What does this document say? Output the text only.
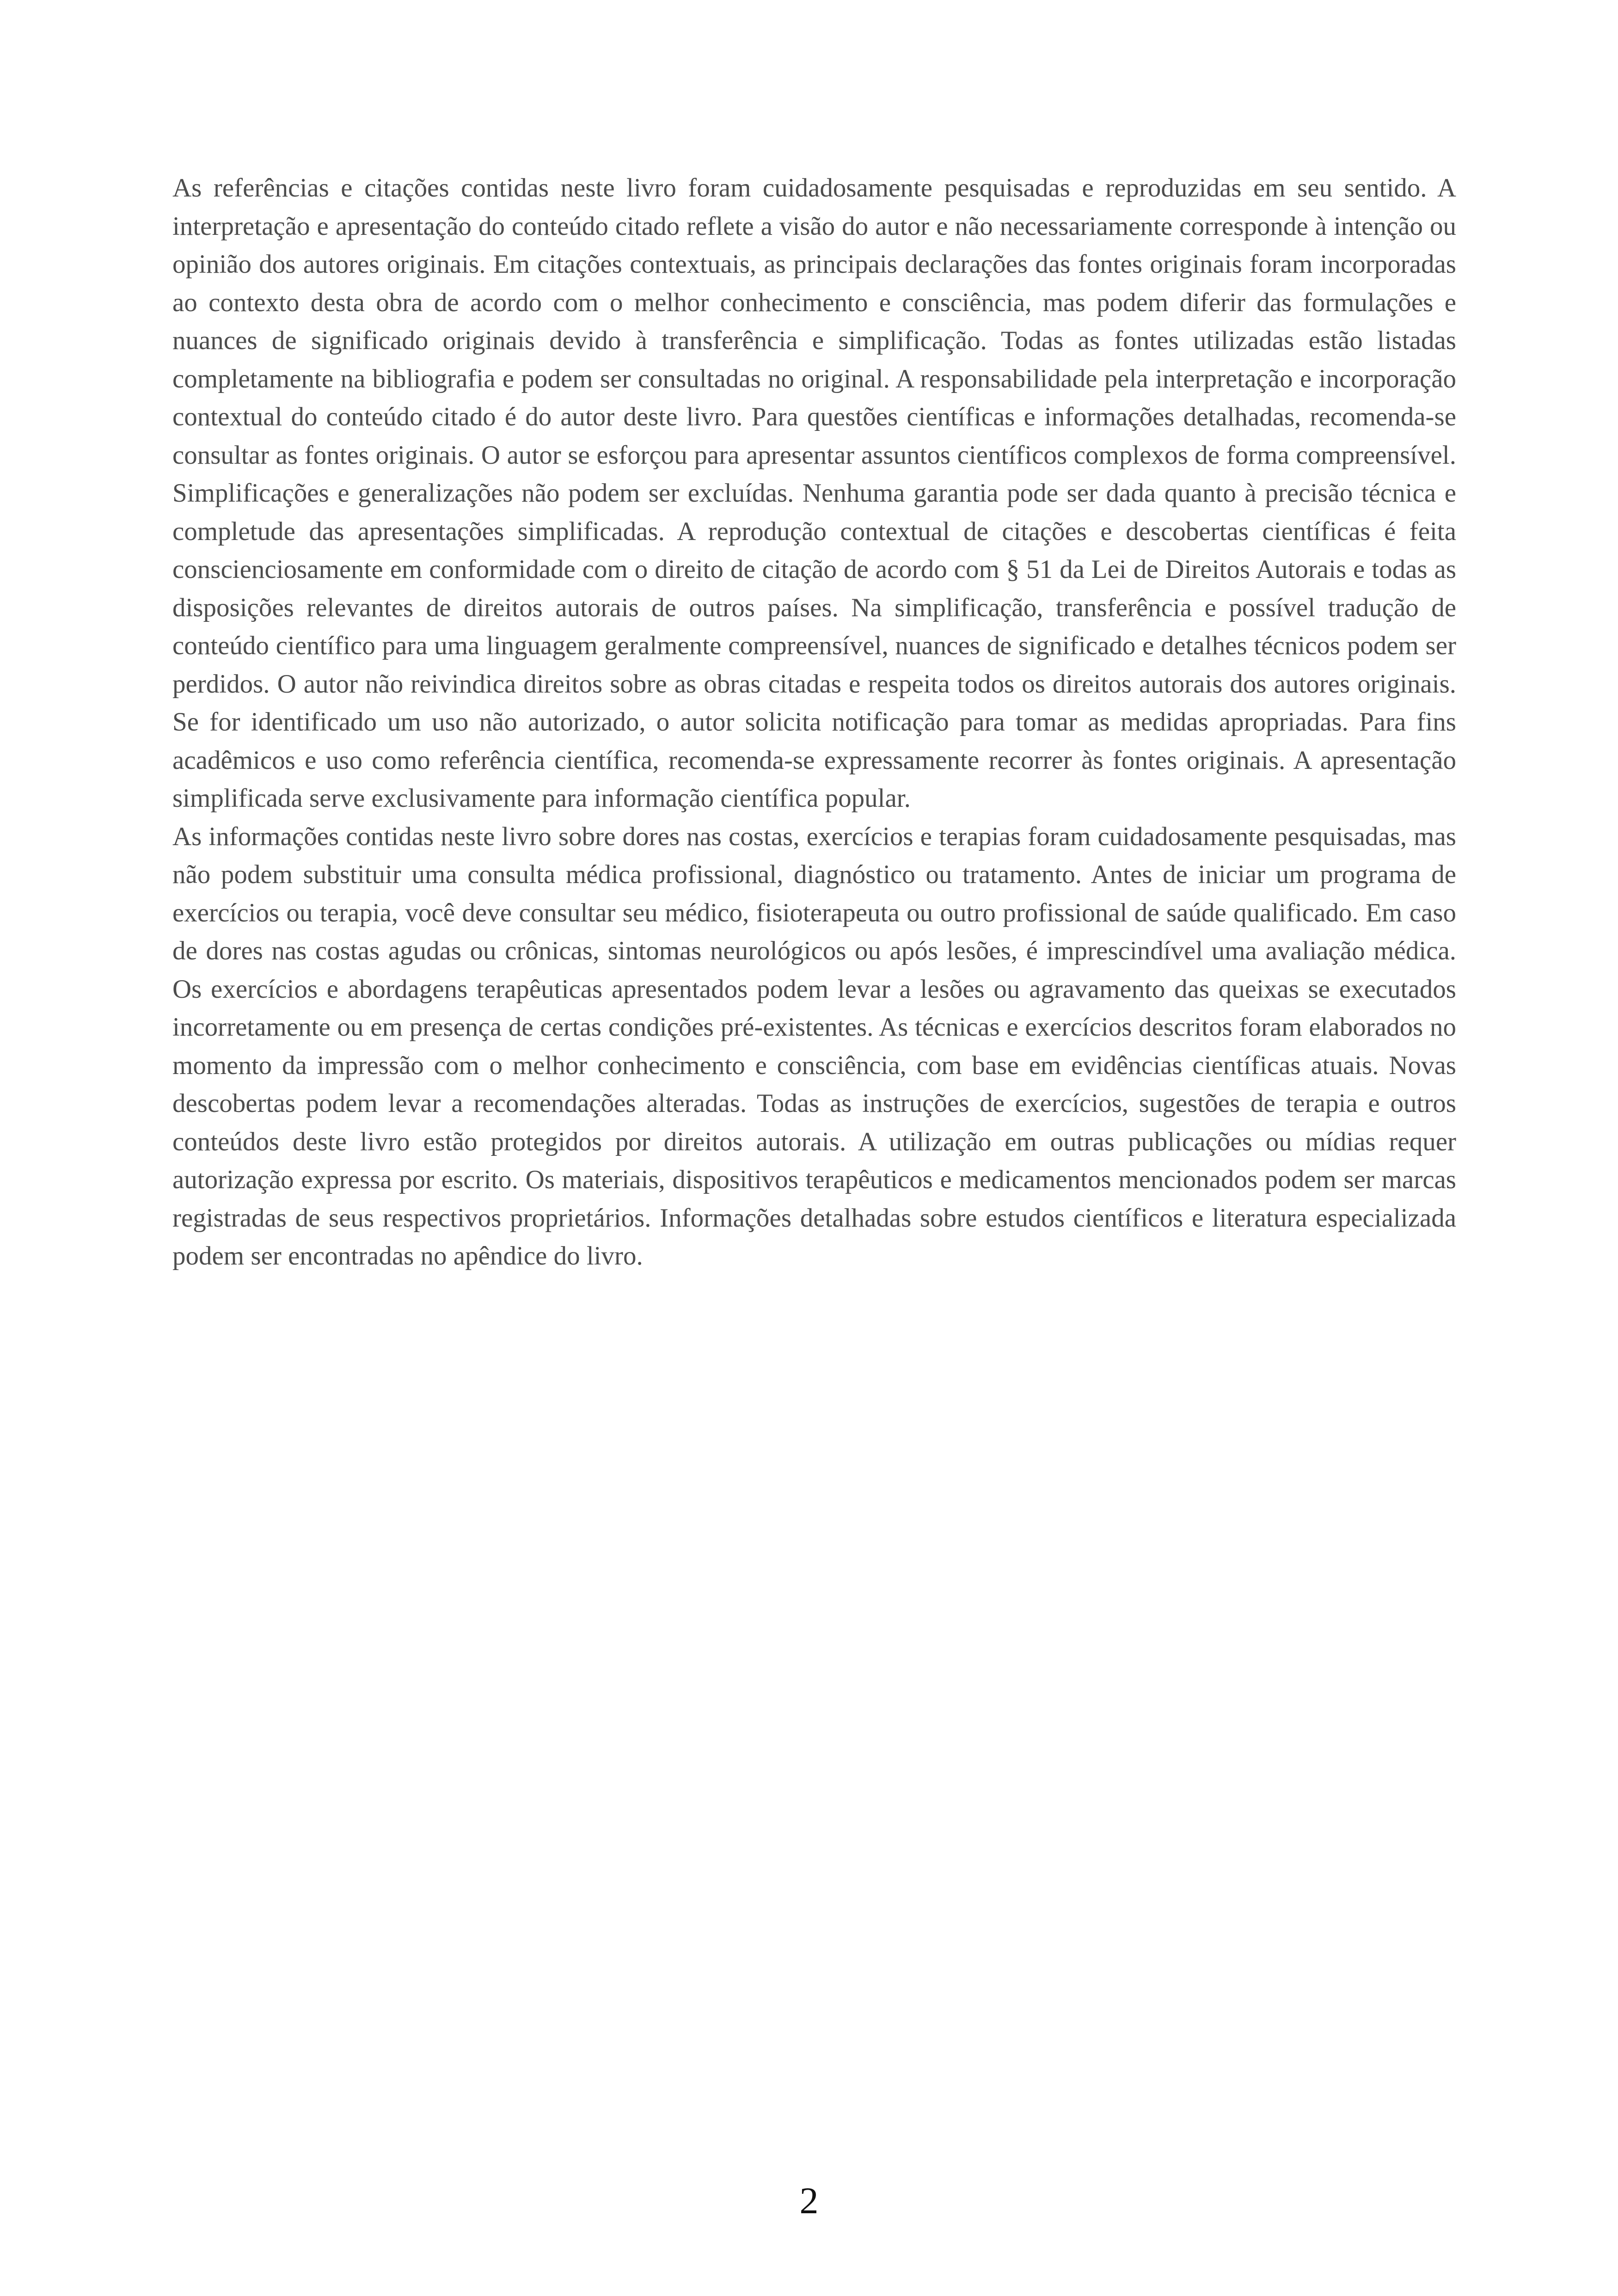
As referências e citações contidas neste livro foram cuidadosamente pesquisadas e reproduzidas em seu sentido. A interpretação e apresentação do conteúdo citado reflete a visão do autor e não necessariamente corresponde à intenção ou opinião dos autores originais. Em citações contextuais, as principais declarações das fontes originais foram incorporadas ao contexto desta obra de acordo com o melhor conhecimento e consciência, mas podem diferir das formulações e nuances de significado originais devido à transferência e simplificação. Todas as fontes utilizadas estão listadas completamente na bibliografia e podem ser consultadas no original. A responsabilidade pela interpretação e incorporação contextual do conteúdo citado é do autor deste livro. Para questões científicas e informações detalhadas, recomenda-se consultar as fontes originais. O autor se esforçou para apresentar assuntos científicos complexos de forma compreensível. Simplificações e generalizações não podem ser excluídas. Nenhuma garantia pode ser dada quanto à precisão técnica e completude das apresentações simplificadas. A reprodução contextual de citações e descobertas científicas é feita conscienciosamente em conformidade com o direito de citação de acordo com § 51 da Lei de Direitos Autorais e todas as disposições relevantes de direitos autorais de outros países. Na simplificação, transferência e possível tradução de conteúdo científico para uma linguagem geralmente compreensível, nuances de significado e detalhes técnicos podem ser perdidos. O autor não reivindica direitos sobre as obras citadas e respeita todos os direitos autorais dos autores originais. Se for identificado um uso não autorizado, o autor solicita notificação para tomar as medidas apropriadas. Para fins acadêmicos e uso como referência científica, recomenda-se expressamente recorrer às fontes originais. A apresentação simplificada serve exclusivamente para informação científica popular.

As informações contidas neste livro sobre dores nas costas, exercícios e terapias foram cuidadosamente pesquisadas, mas não podem substituir uma consulta médica profissional, diagnóstico ou tratamento. Antes de iniciar um programa de exercícios ou terapia, você deve consultar seu médico, fisioterapeuta ou outro profissional de saúde qualificado. Em caso de dores nas costas agudas ou crônicas, sintomas neurológicos ou após lesões, é imprescindível uma avaliação médica. Os exercícios e abordagens terapêuticas apresentados podem levar a lesões ou agravamento das queixas se executados incorretamente ou em presença de certas condições pré-existentes. As técnicas e exercícios descritos foram elaborados no momento da impressão com o melhor conhecimento e consciência, com base em evidências científicas atuais. Novas descobertas podem levar a recomendações alteradas. Todas as instruções de exercícios, sugestões de terapia e outros conteúdos deste livro estão protegidos por direitos autorais. A utilização em outras publicações ou mídias requer autorização expressa por escrito. Os materiais, dispositivos terapêuticos e medicamentos mencionados podem ser marcas registradas de seus respectivos proprietários. Informações detalhadas sobre estudos científicos e literatura especializada podem ser encontradas no apêndice do livro.

2
